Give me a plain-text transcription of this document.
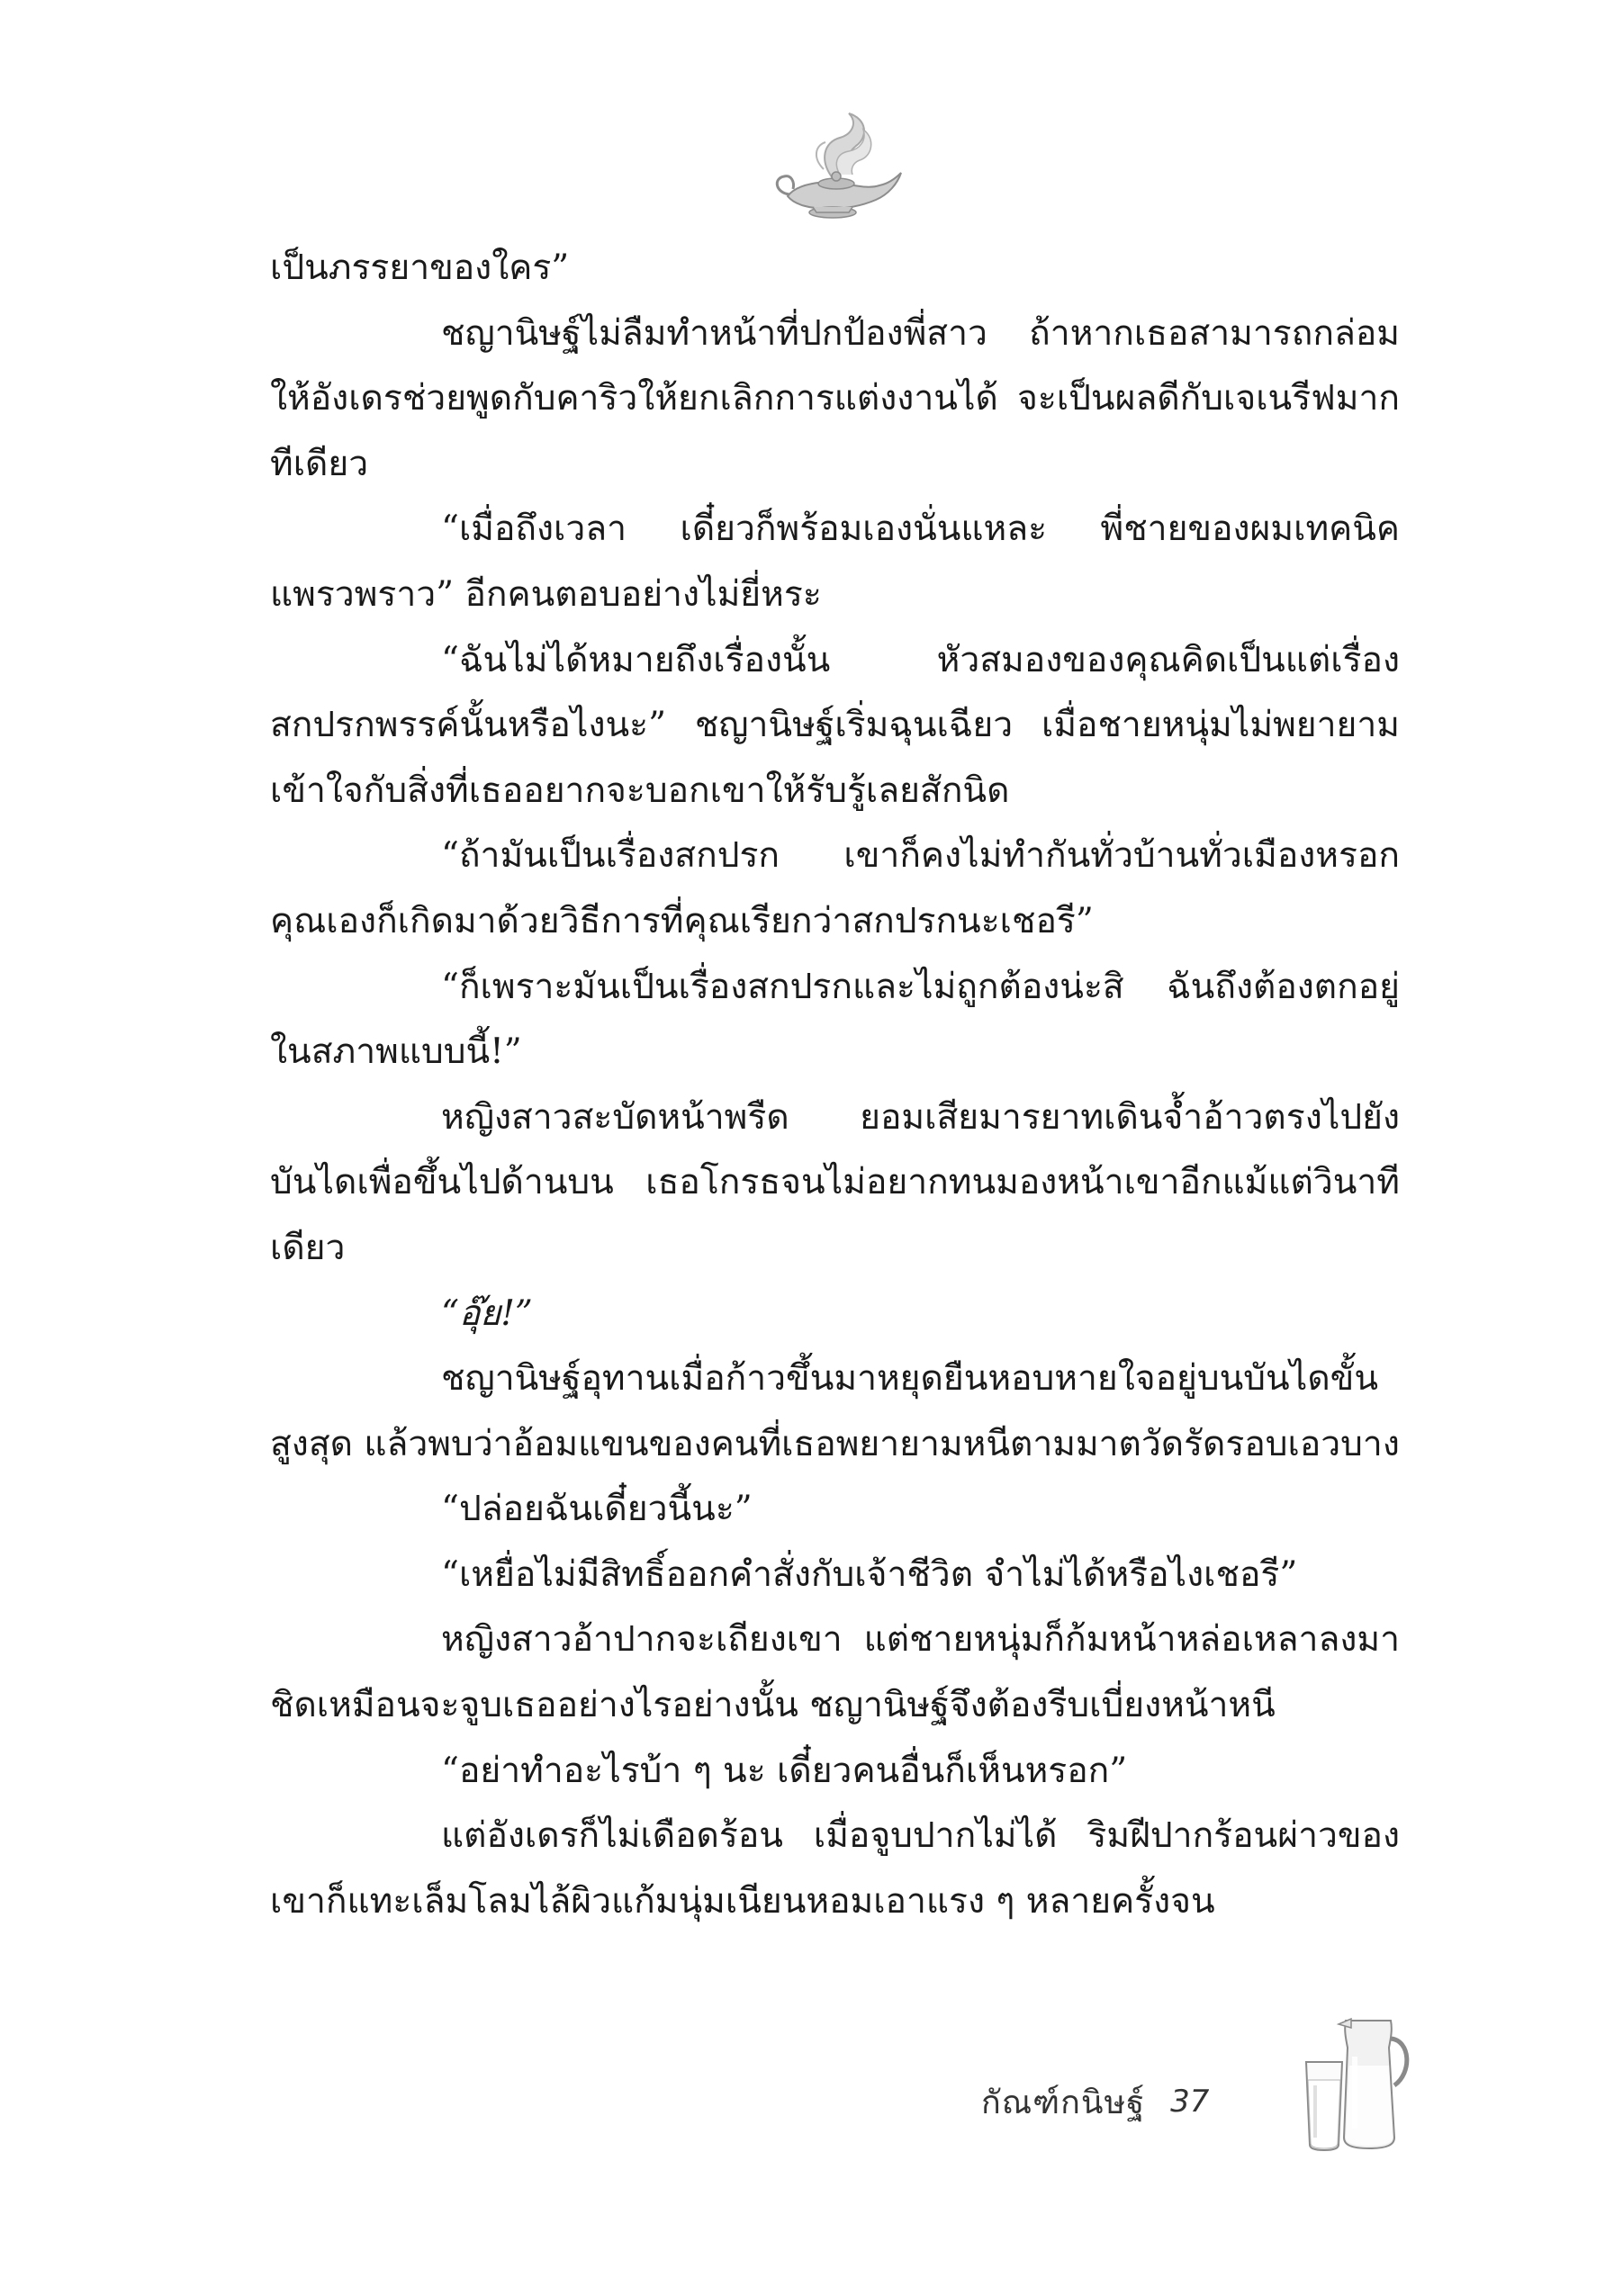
เป็นภรรยาของใคร”

ชญานิษฐ์ไม่ลืมทำหน้าที่ปกป้องพี่สาว ถ้าหากเธอสามารถกล่อมให้อังเดรช่วยพูดกับคาริวให้ยกเลิกการแต่งงานได้ จะเป็นผลดีกับเจเนรีฟมากทีเดียว

“เมื่อถึงเวลา เดี๋ยวก็พร้อมเองนั่นแหละ พี่ชายของผมเทคนิคแพรวพราว” อีกคนตอบอย่างไม่ยี่หระ

“ฉันไม่ได้หมายถึงเรื่องนั้น หัวสมองของคุณคิดเป็นแต่เรื่องสกปรกพรรค์นั้นหรือไงนะ” ชญานิษฐ์เริ่มฉุนเฉียว เมื่อชายหนุ่มไม่พยายามเข้าใจกับสิ่งที่เธออยากจะบอกเขาให้รับรู้เลยสักนิด

“ถ้ามันเป็นเรื่องสกปรก เขาก็คงไม่ทำกันทั่วบ้านทั่วเมืองหรอก คุณเองก็เกิดมาด้วยวิธีการที่คุณเรียกว่าสกปรกนะเชอรี”

“ก็เพราะมันเป็นเรื่องสกปรกและไม่ถูกต้องน่ะสิ ฉันถึงต้องตกอยู่ในสภาพแบบนี้!”

หญิงสาวสะบัดหน้าพรืด ยอมเสียมารยาทเดินจ้ำอ้าวตรงไปยังบันไดเพื่อขึ้นไปด้านบน เธอโกรธจนไม่อยากทนมองหน้าเขาอีกแม้แต่วินาทีเดียว

“อุ๊ย!”

ชญานิษฐ์อุทานเมื่อก้าวขึ้นมาหยุดยืนหอบหายใจอยู่บนบันไดขั้นสูงสุด แล้วพบว่าอ้อมแขนของคนที่เธอพยายามหนีตามมาตวัดรัดรอบเอวบาง

“ปล่อยฉันเดี๋ยวนี้นะ”

“เหยื่อไม่มีสิทธิ์ออกคำสั่งกับเจ้าชีวิต จำไม่ได้หรือไงเชอรี”

หญิงสาวอ้าปากจะเถียงเขา แต่ชายหนุ่มก็ก้มหน้าหล่อเหลาลงมาชิดเหมือนจะจูบเธออย่างไรอย่างนั้น ชญานิษฐ์จึงต้องรีบเบี่ยงหน้าหนี

“อย่าทำอะไรบ้า ๆ นะ เดี๋ยวคนอื่นก็เห็นหรอก”

แต่อังเดรก็ไม่เดือดร้อน เมื่อจูบปากไม่ได้ ริมฝีปากร้อนผ่าวของเขาก็แทะเล็มโลมไล้ผิวแก้มนุ่มเนียนหอมเอาแรง ๆ หลายครั้งจน

กัณฑ์กนิษฐ์ 37
